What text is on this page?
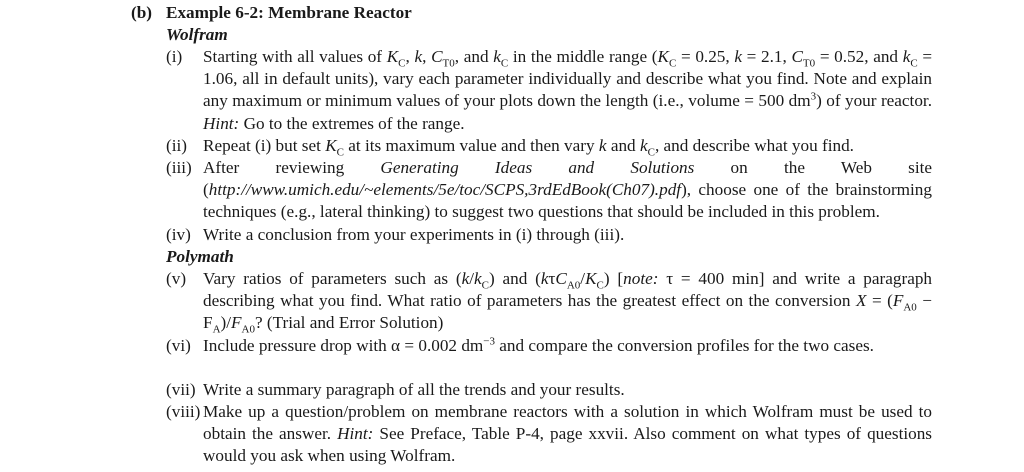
(b) Example 6-2: Membrane Reactor
Wolfram
(i) Starting with all values of $K_C$, k, $C_{T0}$, and $k_C$ in the middle range ($K_C = 0.25$, k = 2.1, $C_{T0} = 0.52$, and $k_C = 1.06$, all in default units), vary each parameter individually and describe what you find. Note and explain any maximum or minimum values of your plots down the length (i.e., volume = 500 $dm^3$) of your reactor. Hint: Go to the extremes of the range.
(ii) Repeat (i) but set $K_C$ at its maximum value and then vary k and $k_C$, and describe what you find.
(iii) After reviewing Generating Ideas and Solutions on the Web site (http://www.umich.edu/~elements/5e/toc/SCPS,3rdEdBook(Ch07).pdf), choose one of the brainstorming techniques (e.g., lateral thinking) to suggest two questions that should be included in this problem.
(iv) Write a conclusion from your experiments in (i) through (iii).
Polymath
(v) Vary ratios of parameters such as $(k/k_C)$ and $(k\tau C_{A0}/K_C)$ [note: τ = 400 min] and write a paragraph describing what you find. What ratio of parameters has the greatest effect on the conversion $X = (F_{A0} - F_A)/F_{A0}$? (Trial and Error Solution)
(vi) Include pressure drop with α = 0.002 $dm^{-3}$ and compare the conversion profiles for the two cases.
(vii) Write a summary paragraph of all the trends and your results.
(viii) Make up a question/problem on membrane reactors with a solution in which Wolfram must be used to obtain the answer. Hint: See Preface, Table P-4, page xxvii. Also comment on what types of questions would you ask when using Wolfram.
